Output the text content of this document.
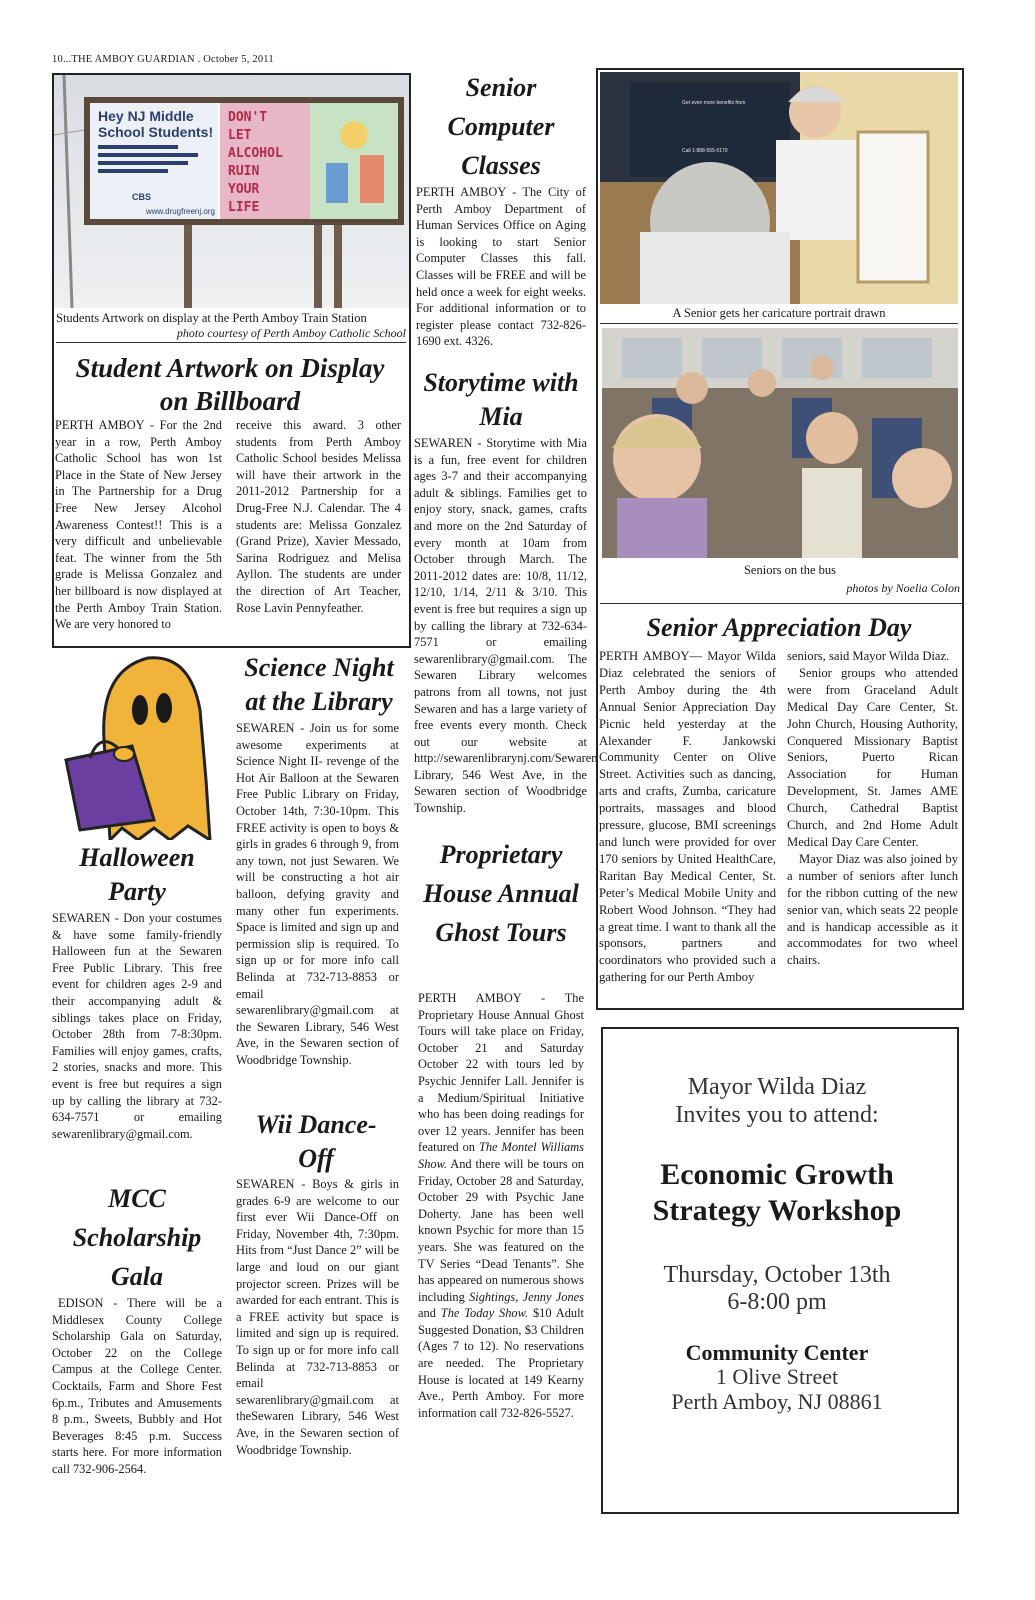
10...THE AMBOY GUARDIAN . October 5, 2011
Hey NJ Middle
School Students!
CBS
www.drugfreenj.org
DON'T
LET
ALCOHOL
RUIN
YOUR
LIFE
Students Artwork on display at the Perth Amboy Train Station
photo courtesy of Perth Amboy Catholic School
Student Artwork on Display on Billboard
PERTH AMBOY - For the 2nd year in a row, Perth Amboy Catholic School has won 1st Place in the State of New Jersey in The Partnership for a Drug Free New Jersey Alcohol Awareness Contest!! This is a very difficult and unbelievable feat. The winner from the 5th grade is Melissa Gonzalez and her billboard is now displayed at the Perth Amboy Train Station. We are very honored to
receive this award. 3 other students from Perth Amboy Catholic School besides Melissa will have their artwork in the 2011-2012 Partnership for a Drug-Free N.J. Calendar. The 4 students are: Melissa Gonzalez (Grand Prize), Xavier Messado, Sarina Rodriguez and Melisa Ayllon. The students are under the direction of Art Teacher, Rose Lavin Pennyfeather.
Halloween Party
SEWAREN - Don your costumes & have some family-friendly Halloween fun at the Sewaren Free Public Library. This free event for children ages 2-9 and their accompanying adult & siblings takes place on Friday, October 28th from 7-8:30pm. Families will enjoy games, crafts, 2 stories, snacks and more. This event is free but requires a sign up by calling the library at 732-634-7571 or emailing sewarenlibrary@gmail.com.
MCC Scholarship Gala
EDISON - There will be a Middlesex County College Scholarship Gala on Saturday, October 22 on the College Campus at the College Center. Cocktails, Farm and Shore Fest 6p.m., Tributes and Amusements 8 p.m., Sweets, Bubbly and Hot Beverages 8:45 p.m. Success starts here. For more information call 732-906-2564.
Science Night at the Library
SEWAREN - Join us for some awesome experiments at Science Night II- revenge of the Hot Air Balloon at the Sewaren Free Public Library on Friday, October 14th, 7:30-10pm. This FREE activity is open to boys & girls in grades 6 through 9, from any town, not just Sewaren. We will be constructing a hot air balloon, defying gravity and many other fun experiments. Space is limited and sign up and permission slip is required. To sign up or for more info call Belinda at 732-713-8853 or email sewarenlibrary@gmail.com at the Sewaren Library, 546 West Ave, in the Sewaren section of Woodbridge Township.
Wii Dance-Off
SEWAREN - Boys & girls in grades 6-9 are welcome to our first ever Wii Dance-Off on Friday, November 4th, 7:30pm. Hits from “Just Dance 2” will be large and loud on our giant projector screen. Prizes will be awarded for each entrant. This is a FREE activity but space is limited and sign up is required. To sign up or for more info call Belinda at 732-713-8853 or email sewarenlibrary@gmail.com at theSewaren Library, 546 West Ave, in the Sewaren section of Woodbridge Township.
Senior Computer Classes
PERTH AMBOY - The City of Perth Amboy Department of Human Services Office on Aging is looking to start Senior Computer Classes this fall. Classes will be FREE and will be held once a week for eight weeks. For additional information or to register please contact 732-826-1690 ext. 4326.
Storytime with Mia
SEWAREN - Storytime with Mia is a fun, free event for children ages 3-7 and their accompanying adult & siblings. Families get to enjoy story, snack, games, crafts and more on the 2nd Saturday of every month at 10am from October through March. The 2011-2012 dates are: 10/8, 11/12, 12/10, 1/14, 2/11 & 3/10. This event is free but requires a sign up by calling the library at 732-634-7571 or emailing sewarenlibrary@gmail.com. The Sewaren Library welcomes patrons from all towns, not just Sewaren and has a large variety of free events every month. Check out our website at http://sewarenlibrarynj.com/Sewaren Library, 546 West Ave, in the Sewaren section of Woodbridge Township.
Proprietary House Annual Ghost Tours
PERTH AMBOY - The Proprietary House Annual Ghost Tours will take place on Friday, October 21 and Saturday October 22 with tours led by Psychic Jennifer Lall. Jennifer is a Medium/Spiritual Initiative who has been doing readings for over 12 years. Jennifer has been featured on The Montel Williams Show. And there will be tours on Friday, October 28 and Saturday, October 29 with Psychic Jane Doherty. Jane has been well known Psychic for more than 15 years. She was featured on the TV Series “Dead Tenants”. She has appeared on numerous shows including Sightings, Jenny Jones and The Today Show. $10 Adult Suggested Donation, $3 Children (Ages 7 to 12). No reservations are needed. The Proprietary House is located at 149 Kearny Ave., Perth Amboy. For more information call 732-826-5527.
Get even more benefits from
Call 1-888-555-0170
A Senior gets her caricature portrait drawn
Seniors on the bus
photos by Noelia Colon
Senior Appreciation Day
PERTH AMBOY— Mayor Wilda Diaz celebrated the seniors of Perth Amboy during the 4th Annual Senior Appreciation Day Picnic held yesterday at the Alexander F. Jankowski Community Center on Olive Street. Activities such as dancing, arts and crafts, Zumba, caricature portraits, massages and blood pressure, glucose, BMI screenings and lunch were provided for over 170 seniors by United HealthCare, Raritan Bay Medical Center, St. Peter’s Medical Mobile Unity and Robert Wood Johnson. “They had a great time. I want to thank all the sponsors, partners and coordinators who provided such a gathering for our Perth Amboy
seniors, said Mayor Wilda Diaz.
Senior groups who attended were from Graceland Adult Medical Day Care Center, St. John Church, Housing Authority, Conquered Missionary Baptist Seniors, Puerto Rican Association for Human Development, St. James AME Church, Cathedral Baptist Church, and 2nd Home Adult Medical Day Care Center.
Mayor Diaz was also joined by a number of seniors after lunch for the ribbon cutting of the new senior van, which seats 22 people and is handicap accessible as it accommodates for two wheel chairs.
Mayor Wilda Diaz
Invites you to attend:
Economic Growth
Strategy Workshop
Thursday, October 13th
6-8:00 pm
Community Center
1 Olive Street
Perth Amboy, NJ 08861
